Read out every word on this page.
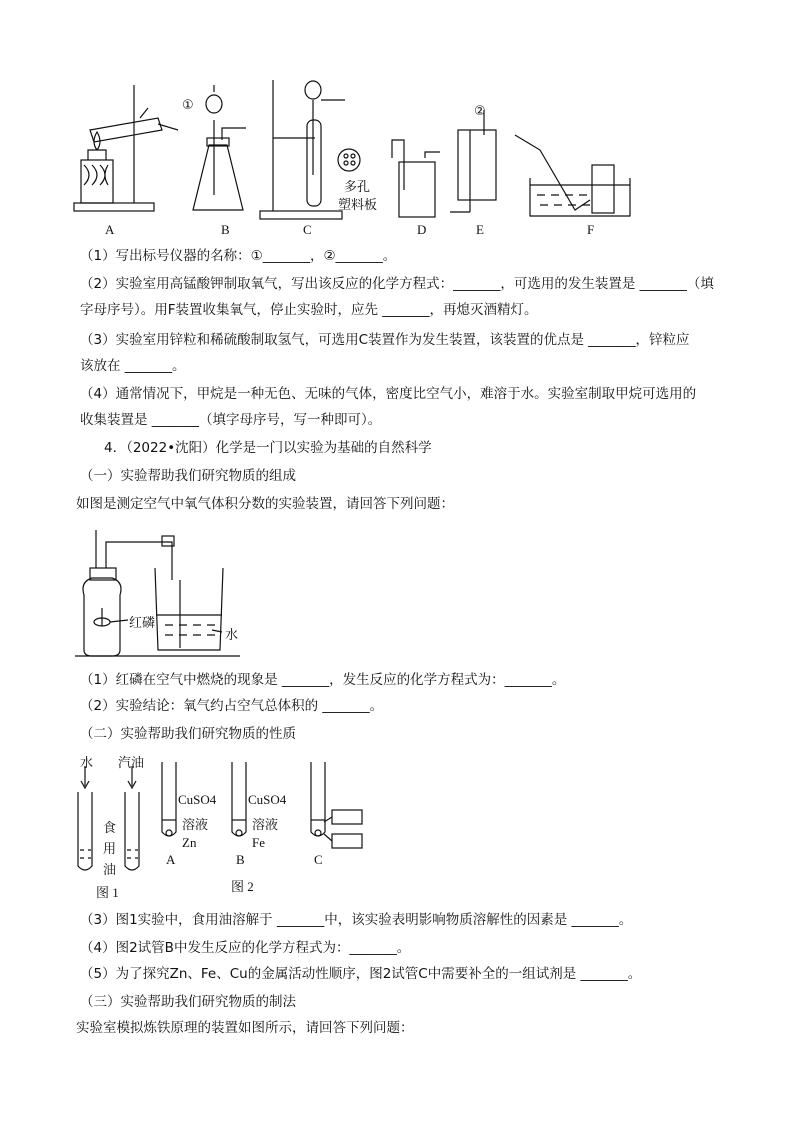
A	B	C	D	E	F
①	②
多孔
塑料板
（1）写出标号仪器的名称：①_______，②_______。
（2）实验室用高锰酸钾制取氧气，写出该反应的化学方程式：_______，可选用的发生装置是 _______（填
字母序号）。用F装置收集氧气，停止实验时，应先 _______，再熄灭酒精灯。
（3）实验室用锌粒和稀硫酸制取氢气，可选用C装置作为发生装置，该装置的优点是 _______，锌粒应
该放在 _______。
（4）通常情况下，甲烷是一种无色、无味的气体，密度比空气小，难溶于水。实验室制取甲烷可选用的
收集装置是 _______（填字母序号，写一种即可）。
4．（2022•沈阳）化学是一门以实验为基础的自然科学
（一）实验帮助我们研究物质的组成
如图是测定空气中氧气体积分数的实验装置，请回答下列问题：
红磷
水
（1）红磷在空气中燃烧的现象是 _______，发生反应的化学方程式为：_______。
（2）实验结论：氧气约占空气总体积的 _______。
（二）实验帮助我们研究物质的性质
水 汽油
食
用
油
图 1
CuSO4
溶液
Zn
A
CuSO4
溶液
Fe
B	C
图 2
（3）图1实验中，食用油溶解于 _______中，该实验表明影响物质溶解性的因素是 _______。
（4）图2试管B中发生反应的化学方程式为：_______。
（5）为了探究Zn、Fe、Cu的金属活动性顺序，图2试管C中需要补全的一组试剂是 _______。
（三）实验帮助我们研究物质的制法
实验室模拟炼铁原理的装置如图所示，请回答下列问题：
